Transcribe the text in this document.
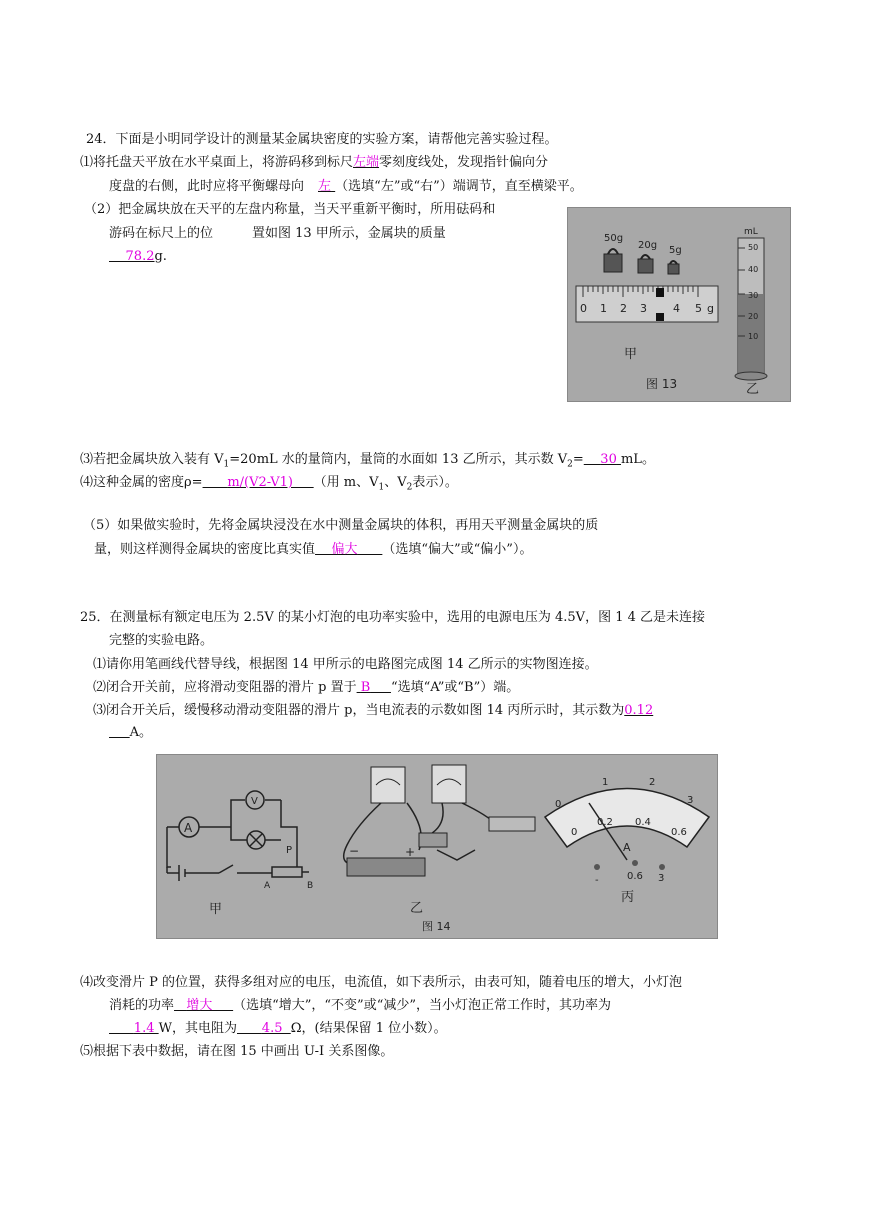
24．下面是小明同学设计的测量某金属块密度的实验方案，请帮他完善实验过程。
⑴将托盘天平放在水平桌面上，将游码移到标尺左端零刻度线处，发现指针偏向分
度盘的右侧，此时应将平衡螺母向 左 （选填“左”或“右”）端调节，直至横梁平。
（2）把金属块放在天平的左盘内称量，当天平重新平衡时，所用砝码和
游码在标尺上的位　　　置如图 13 甲所示，金属块的质量
78.2g.
50g
20g 5g
0 1 2 3 4 5 g
mL
50
40
30
20
10
甲
图 13	乙
⑶若把金属块放入装有 $V_1=20mL$ 水的量筒内，量筒的水面如 13 乙所示，其示数 $V_2= 30$ mL。
⑷这种金属的密度ρ= m/(V2-V1) （用 m、$V_1$、$V_2$表示）。
（5）如果做实验时，先将金属块浸没在水中测量金属块的体积，再用天平测量金属块的质
量，则这样测得金属块的密度比真实值 偏大 （选填“偏大”或“偏小”）。
25．在测量标有额定电压为 2.5V 的某小灯泡的电功率实验中，选用的电源电压为 4.5V，图 1 4 乙是未连接
完整的实验电路。
⑴请你用笔画线代替导线，根据图 14 甲所示的电路图完成图 14 乙所示的实物图连接。
⑵闭合开关前，应将滑动变阻器的滑片 p 置于 B “选填“A”或“B”）端。
⑶闭合开关后，缓慢移动滑动变阻器的滑片 p，当电流表的示数如图 14 丙所示时，其示数为0.12
A。
A
V
P
A	B
甲
−	+
乙
图 14
0
1	2
3
0
0.2 0.4
0.6
A
-	0.6 3
丙
⑷改变滑片 P 的位置，获得多组对应的电压，电流值，如下表所示，由表可知，随着电压的增大，小灯泡
消耗的功率 增大 （选填“增大”，“不变”或“减少”，当小灯泡正常工作时，其功率为
1.4 W，其电阻为 4.5 Ω，(结果保留 1 位小数）。
⑸根据下表中数据，请在图 15 中画出 U-I 关系图像。
